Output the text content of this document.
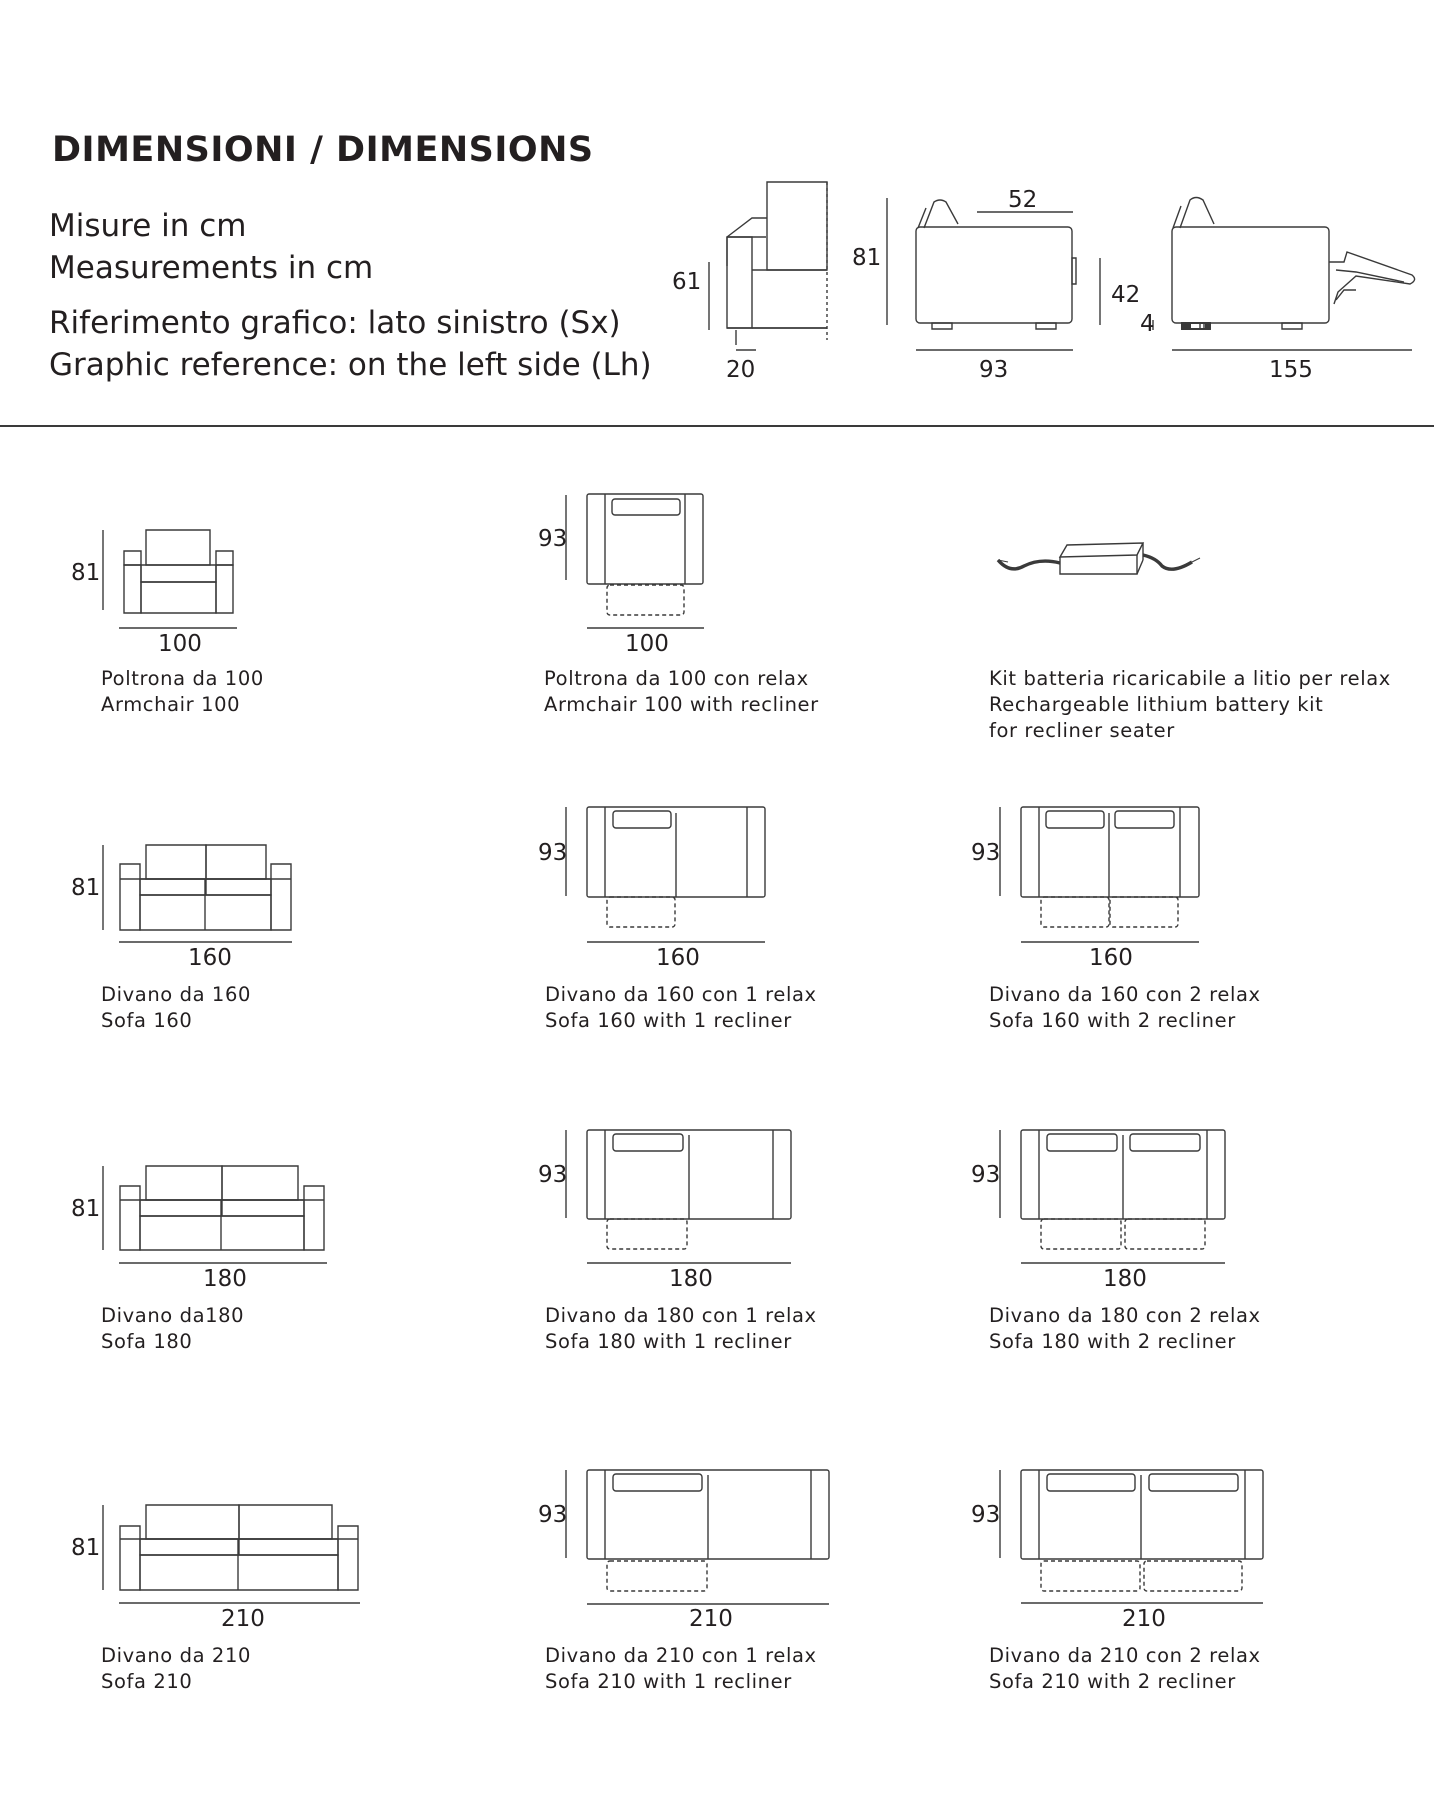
DIMENSIONI / DIMENSIONS
Misure in cm
Measurements in cm
Riferimento grafico: lato sinistro (Sx)
Graphic reference: on the left side (Lh)
61
20
81
52
93
42
4
155
81
100
Poltrona da 100
Armchair 100
93
100
Poltrona da 100 con relax
Armchair 100 with recliner
Kit batteria ricaricabile a litio per relax
Rechargeable lithium battery kit
for recliner seater
81
160
Divano da 160
Sofa 160
93
160
Divano da 160 con 1 relax
Sofa 160 with 1 recliner
93
160
Divano da 160 con 2 relax
Sofa 160 with 2 recliner
81
180
Divano da180
Sofa 180
93
180
Divano da 180 con 1 relax
Sofa 180 with 1 recliner
93
180
Divano da 180 con 2 relax
Sofa 180 with 2 recliner
81
210
Divano da 210
Sofa 210
93
210
Divano da 210 con 1 relax
Sofa 210 with 1 recliner
93
210
Divano da 210 con 2 relax
Sofa 210 with 2 recliner
